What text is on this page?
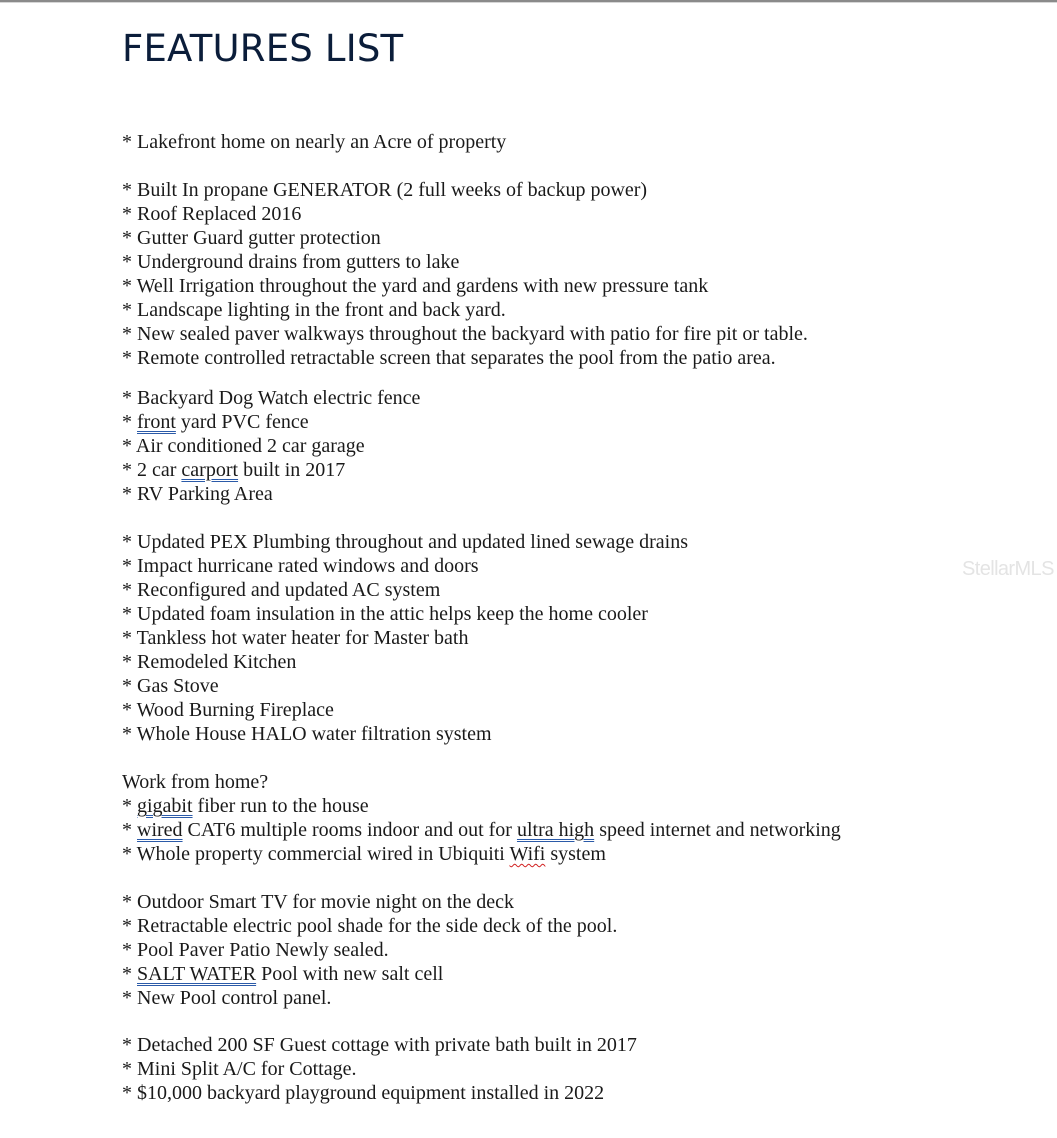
FEATURES LIST
* Lakefront home on nearly an Acre of property
* Built In propane GENERATOR (2 full weeks of backup power)
* Roof Replaced 2016
* Gutter Guard gutter protection
* Underground drains from gutters to lake
* Well Irrigation throughout the yard and gardens with new pressure tank
* Landscape lighting in the front and back yard.
* New sealed paver walkways throughout the backyard with patio for fire pit or table.
* Remote controlled retractable screen that separates the pool from the patio area.
* Backyard Dog Watch electric fence
* front yard PVC fence
* Air conditioned 2 car garage
* 2 car carport built in 2017
* RV Parking Area
* Updated PEX Plumbing throughout and updated lined sewage drains
* Impact hurricane rated windows and doors
* Reconfigured and updated AC system
* Updated foam insulation in the attic helps keep the home cooler
* Tankless hot water heater for Master bath
* Remodeled Kitchen
* Gas Stove
* Wood Burning Fireplace
* Whole House HALO water filtration system
Work from home?
* gigabit fiber run to the house
* wired CAT6 multiple rooms indoor and out for ultra high speed internet and networking
* Whole property commercial wired in Ubiquiti Wifi system
* Outdoor Smart TV for movie night on the deck
* Retractable electric pool shade for the side deck of the pool.
* Pool Paver Patio Newly sealed.
* SALT WATER Pool with new salt cell
* New Pool control panel.
* Detached 200 SF Guest cottage with private bath built in 2017
* Mini Split A/C for Cottage.
* $10,000 backyard playground equipment installed in 2022
StellarMLS
